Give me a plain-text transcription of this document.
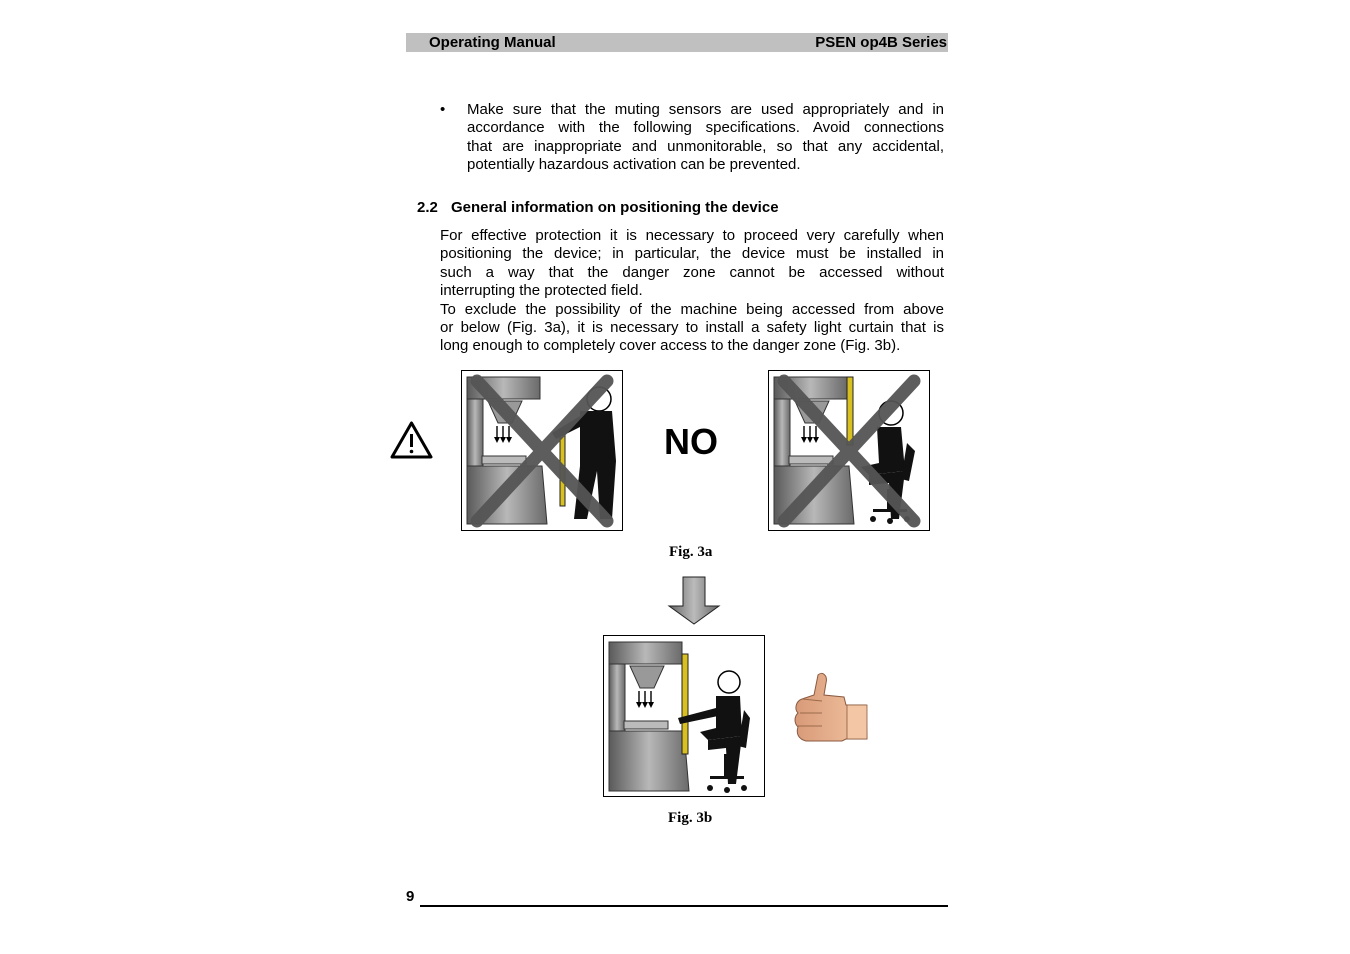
Operating Manual	PSEN op4B Series
• Make sure that the muting sensors are used appropriately and in
accordance with the following specifications. Avoid connections
that are inappropriate and unmonitorable, so that any accidental,
potentially hazardous activation can be prevented.
2.2 General information on positioning the device
For effective protection it is necessary to proceed very carefully when
positioning the device; in particular, the device must be installed in
such a way that the danger zone cannot be accessed without
interrupting the protected field.
To exclude the possibility of the machine being accessed from above
or below (Fig. 3a), it is necessary to install a safety light curtain that is
long enough to completely cover access to the danger zone (Fig. 3b).
NO
Fig. 3a
Fig. 3b
9
